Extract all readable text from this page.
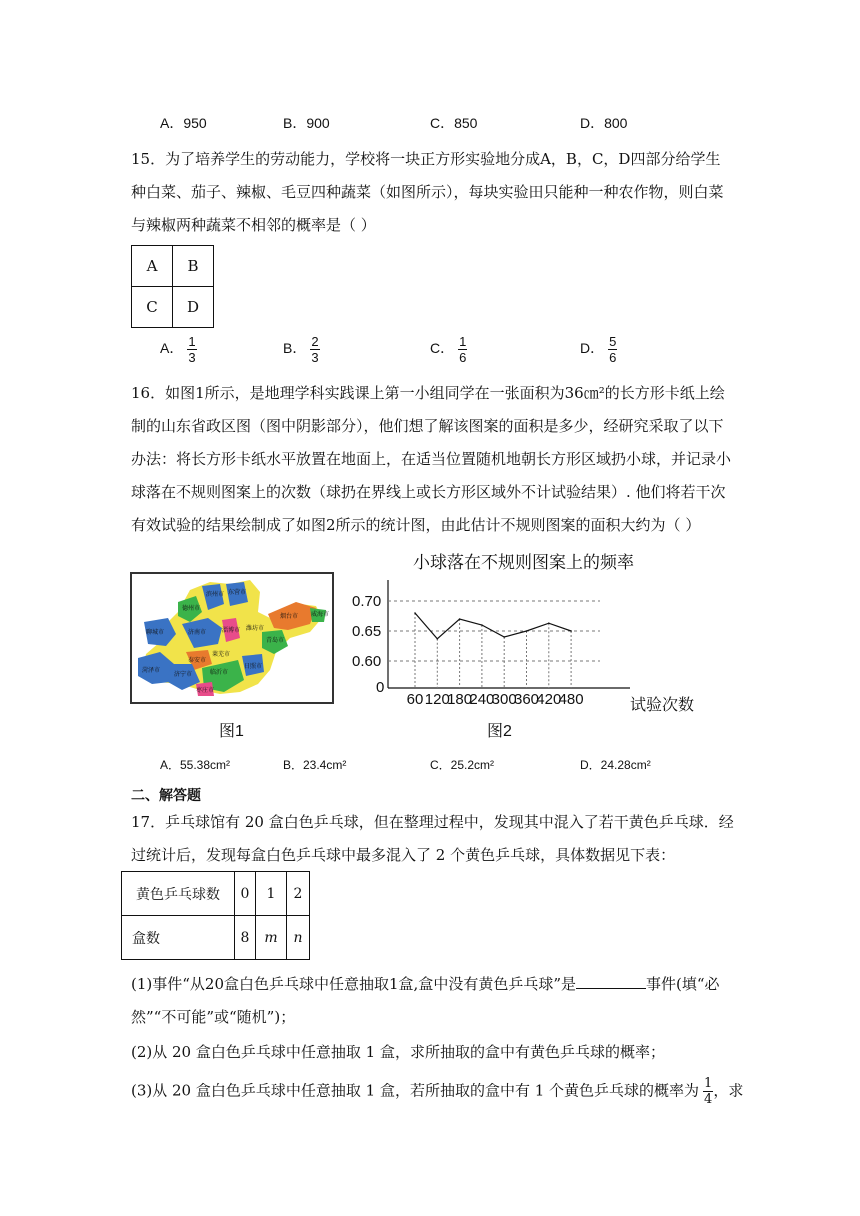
A．950	B．900	C．850	D．800
15．为了培养学生的劳动能力，学校将一块正方形实验地分成A，B，C，D四部分给学生
种白菜、茄子、辣椒、毛豆四种蔬菜（如图所示），每块实验田只能种一种农作物，则白菜
与辣椒两种蔬菜不相邻的概率是（ ）
A	B
C	D
A． $\frac{1}{3}$	B． $\frac{2}{3}$	C． $\frac{1}{6}$	D． $\frac{5}{6}$
16．如图1所示，是地理学科实践课上第一小组同学在一张面积为36㎝²的长方形卡纸上绘
制的山东省政区图（图中阴影部分），他们想了解该图案的面积是多少，经研究采取了以下
办法：将长方形卡纸水平放置在地面上，在适当位置随机地朝长方形区域扔小球，并记录小
球落在不规则图案上的次数（球扔在界线上或长方形区域外不计试验结果）. 他们将若干次
有效试验的结果绘制成了如图2所示的统计图，由此估计不规则图案的面积大约为（ ）
德州市
滨州市 东营市
烟台市 威海市
聊城市	济南市	淄博市 潍坊市
青岛市
泰安市
莱芜市
济宁市	临沂市
日照市
菏泽市
枣庄市
图1
小球落在不规则图案上的频率
0.70
0.65
0.60
60 120
180
240
300
360
420
480
0
试验次数
图2
A．55.38cm²	B．23.4cm²	C．25.2cm²	D．24.28cm²
二、解答题
17．乒乓球馆有 20 盒白色乒乓球，但在整理过程中，发现其中混入了若干黄色乒乓球．经
过统计后，发现每盒白色乒乓球中最多混入了 2 个黄色乒乓球，具体数据见下表：
黄色乒乓球数	0	1	2
盒数	8	m	n
(1)事件“从20盒白色乒乓球中任意抽取1盒,盒中没有黄色乒乓球”是	事件(填“必
然”“不可能”或“随机”)；
(2)从 20 盒白色乒乓球中任意抽取 1 盒，求所抽取的盒中有黄色乒乓球的概率；
(3)从 20 盒白色乒乓球中任意抽取 1 盒，若所抽取的盒中有 1 个黄色乒乓球的概率为 $\frac{1}{4}$ ，求
